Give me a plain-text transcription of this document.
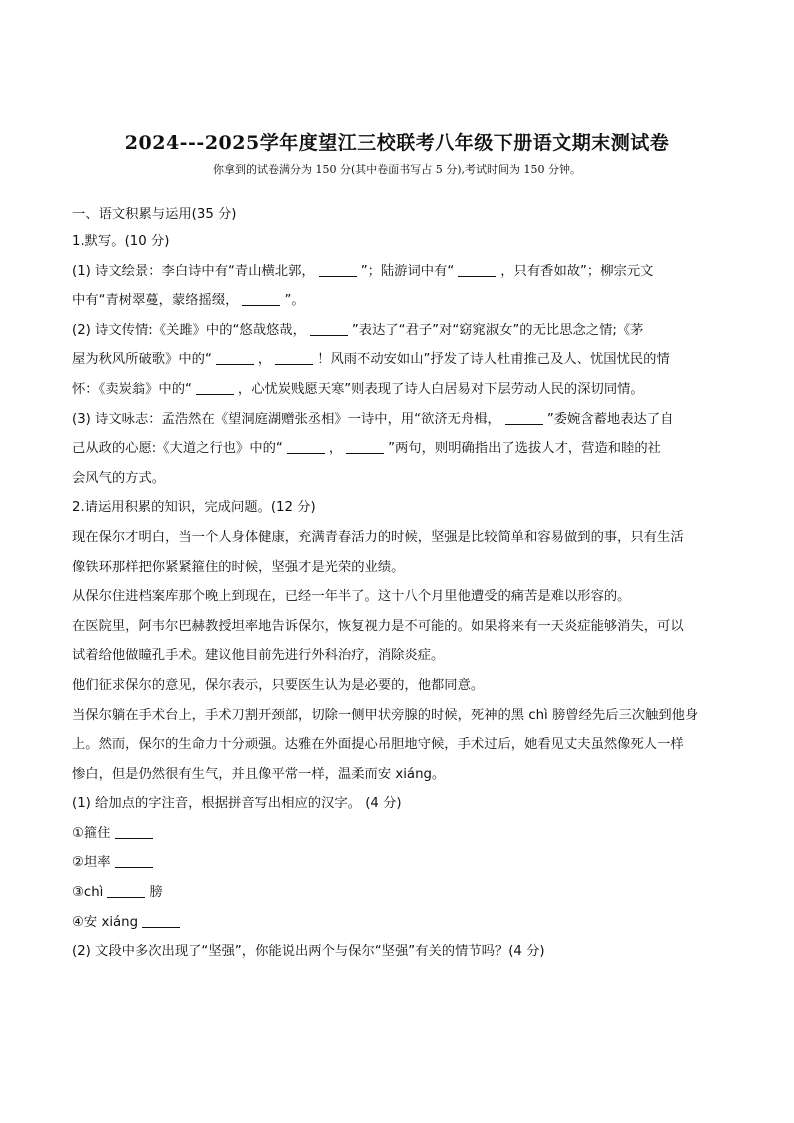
2024---2025学年度望江三校联考八年级下册语文期末测试卷
你拿到的试卷满分为 150 分(其中卷面书写占 5 分),考试时间为 150 分钟。
一、语文积累与运用(35 分)
1.默写。(10 分)
(1) 诗文绘景：李白诗中有“青山横北郭，	”；陆游词中有“	，只有香如故”；柳宗元文
中有“青树翠蔓，蒙络摇缀，	”。
(2) 诗文传情:《关雎》中的“悠哉悠哉，	”表达了“君子”对“窈窕淑女”的无比思念之情;《茅
屋为秋风所破歌》中的“	，	！风雨不动安如山”抒发了诗人杜甫推己及人、忧国忧民的情
怀：《卖炭翁》中的“	，心忧炭贱愿天寒”则表现了诗人白居易对下层劳动人民的深切同情。
(3) 诗文咏志：孟浩然在《望洞庭湖赠张丞相》一诗中，用“欲济无舟楫，	”委婉含蓄地表达了自
己从政的心愿:《大道之行也》中的“	，	”两句，则明确指出了选拔人才，营造和睦的社
会风气的方式。
2.请运用积累的知识，完成问题。(12 分)
现在保尔才明白，当一个人身体健康，充满青春活力的时候，坚强是比较简单和容易做到的事，只有生活
像铁环那样把你紧紧箍住的时候，坚强才是光荣的业绩。
从保尔住进档案库那个晚上到现在，已经一年半了。这十八个月里他遭受的痛苦是难以形容的。
在医院里，阿韦尔巴赫教授坦率地告诉保尔，恢复视力是不可能的。如果将来有一天炎症能够消失，可以
试着给他做瞳孔手术。建议他目前先进行外科治疗，消除炎症。
他们征求保尔的意见，保尔表示，只要医生认为是必要的，他都同意。
当保尔躺在手术台上，手术刀割开颈部，切除一侧甲状旁腺的时候，死神的黑 chì 膀曾经先后三次触到他身
上。然而，保尔的生命力十分顽强。达雅在外面提心吊胆地守候，手术过后，她看见丈夫虽然像死人一样
惨白，但是仍然很有生气，并且像平常一样，温柔而安 xiáng。
(1) 给加点的字注音，根据拼音写出相应的汉字。 (4 分)
①箍住
②坦率
③chì	膀
④安 xiáng
(2) 文段中多次出现了“坚强”，你能说出两个与保尔“坚强”有关的情节吗？(4 分)
